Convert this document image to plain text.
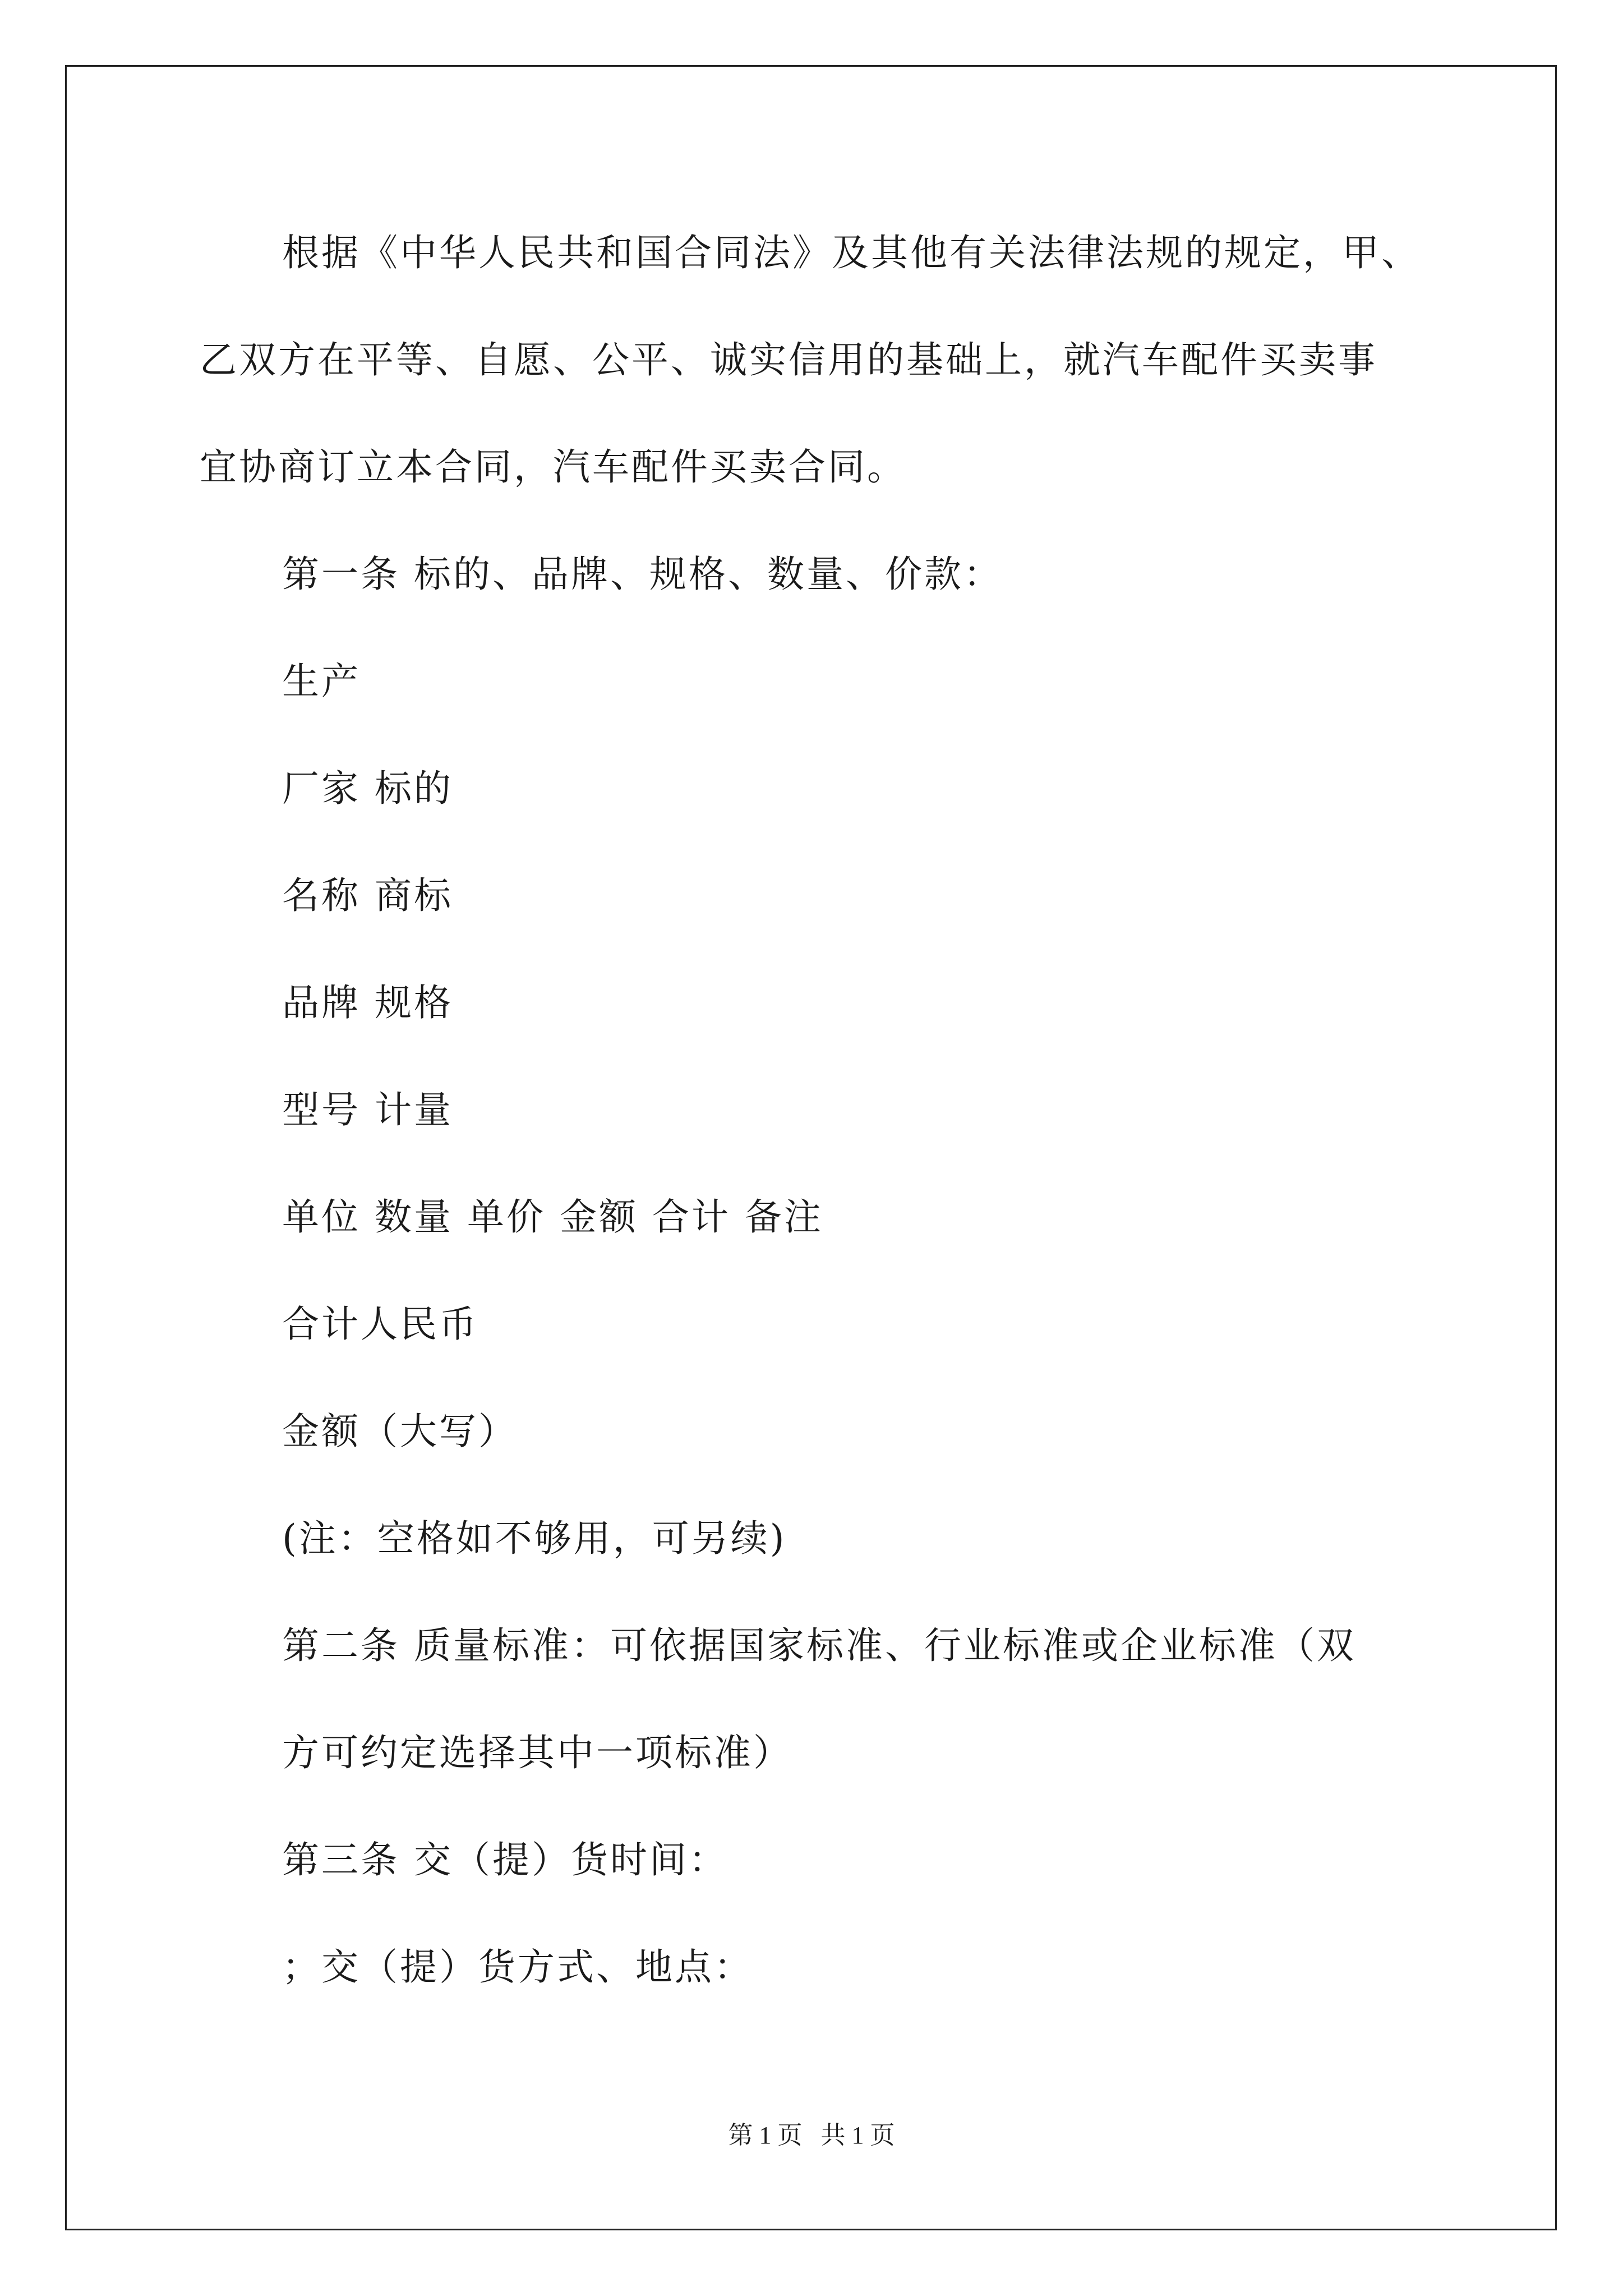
根据《中华人民共和国合同法》及其他有关法律法规的规定，甲、

乙双方在平等、自愿、公平、诚实信用的基础上，就汽车配件买卖事

宜协商订立本合同，汽车配件买卖合同。

第一条 标的、品牌、规格、数量、价款：

生产

厂家 标的

名称 商标

品牌 规格

型号 计量

单位 数量 单价 金额 合计 备注

合计人民币

金额（大写）

(注：空格如不够用，可另续)

第二条 质量标准：可依据国家标准、行业标准或企业标准（双

方可约定选择其中一项标准）

第三条 交（提）货时间：

；交（提）货方式、地点：

第 1 页   共 1 页
